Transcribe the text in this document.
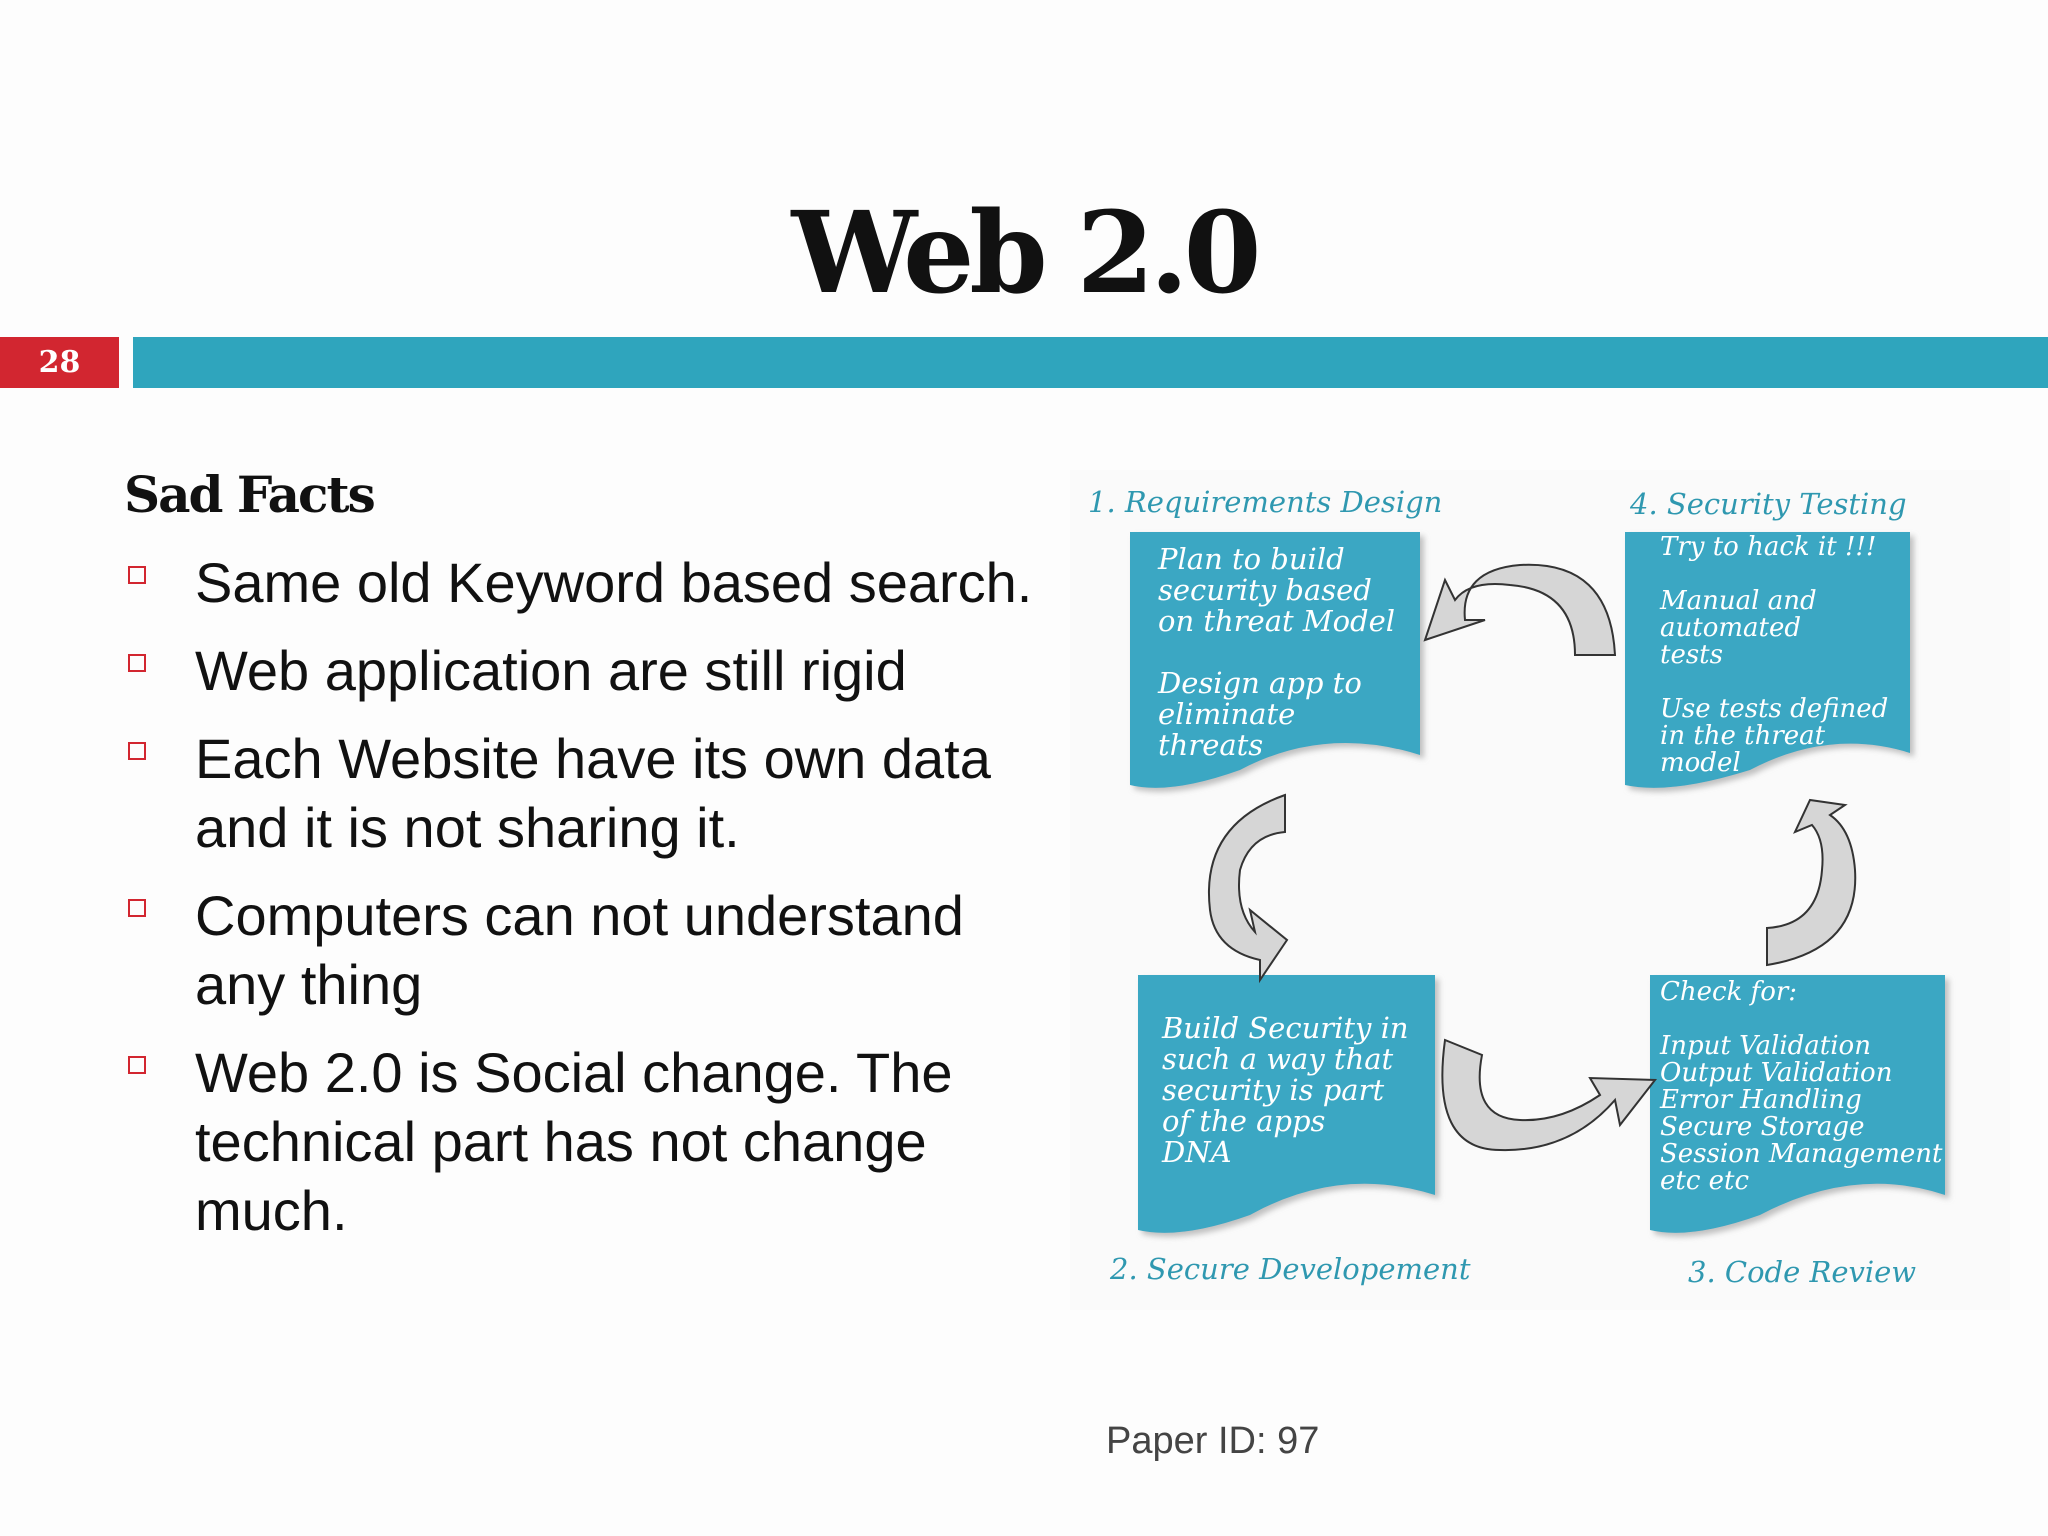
Web 2.0
28
Sad Facts
Same old Keyword based search.
Web application are still rigid
Each Website have its own data and it is not sharing it.
Computers can not understand any thing
Web 2.0 is Social change. The technical part has not change much.
1. Requirements Design
Plan to build
security based
on threat Model

Design app to
eliminate
threats
4. Security Testing
Try to hack it !!!

Manual and
automated
tests

Use tests defined
in the threat
model
2. Secure Developement
Build Security in
such a way that
security is part
of the apps
DNA
3. Code Review
Check for:

Input Validation
Output Validation
Error Handling
Secure Storage
Session Management
etc etc
Paper ID: 97
